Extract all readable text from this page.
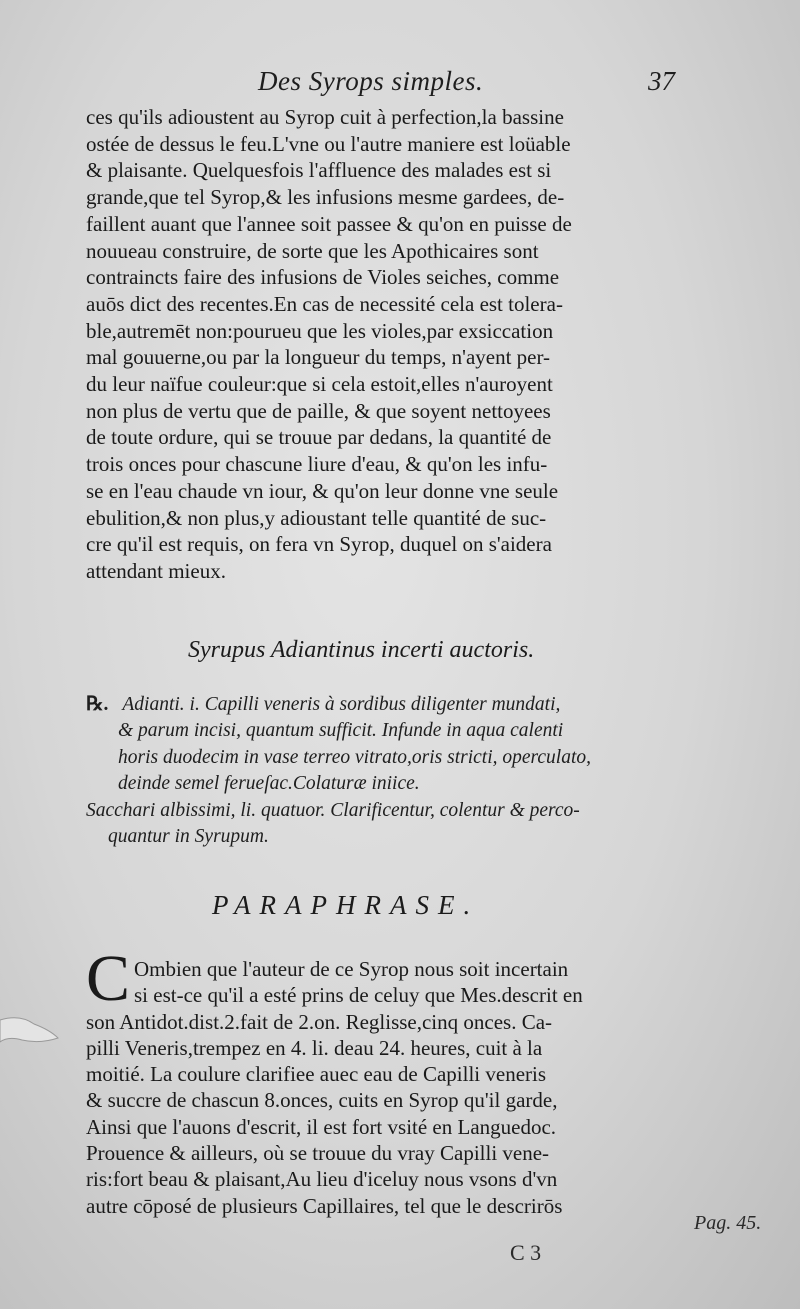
Des Syrops simples.	37
ces qu'ils adioustent au Syrop cuit à perfection,la bassine
ostée de dessus le feu.L'vne ou l'autre maniere est loüable
& plaisante. Quelquesfois l'affluence des malades est si
grande,que tel Syrop,& les infusions mesme gardees, de-
faillent auant que l'annee soit passee & qu'on en puisse de
nouueau construire, de sorte que les Apothicaires sont
contraincts faire des infusions de Violes seiches, comme
auōs dict des recentes.En cas de necessité cela est tolera-
ble,autremēt non:pourueu que les violes,par exsiccation
mal gouuerne,ou par la longueur du temps, n'ayent per-
du leur naïfue couleur:que si cela estoit,elles n'auroyent
non plus de vertu que de paille, & que soyent nettoyees
de toute ordure, qui se trouue par dedans, la quantité de
trois onces pour chascune liure d'eau, & qu'on les infu-
se en l'eau chaude vn iour, & qu'on leur donne vne seule
ebulition,& non plus,y adioustant telle quantité de suc-
cre qu'il est requis, on fera vn Syrop, duquel on s'aidera
attendant mieux.
Syrupus Adiantinus incerti auctoris.
℞. Adianti. i. Capilli veneris à sordibus diligenter mundati,
& parum incisi, quantum sufficit. Infunde in aqua calenti
horis duodecim in vase terreo vitrato,oris stricti, operculato,
deinde semel ferueſac.Colaturæ iniice.
Sacchari albissimi, li. quatuor. Clarificentur, colentur & perco-
quantur in Syrupum.
PARAPHRASE.
C Ombien que l'auteur de ce Syrop nous soit incertain
si est-ce qu'il a esté prins de celuy que Mes.descrit en
son Antidot.dist.2.fait de 2.on. Reglisse,cinq onces. Ca-
pilli Veneris,trempez en 4. li. deau 24. heures, cuit à la
moitié. La coulure clarifiee auec eau de Capilli veneris
& succre de chascun 8.onces, cuits en Syrop qu'il garde,
Ainsi que l'auons d'escrit, il est fort vsité en Languedoc.
Prouence & ailleurs, où se trouue du vray Capilli vene-
ris:fort beau & plaisant,Au lieu d'iceluy nous vsons d'vn
autre cōposé de plusieurs Capillaires, tel que le descrirōs
Pag. 45.
C 3
